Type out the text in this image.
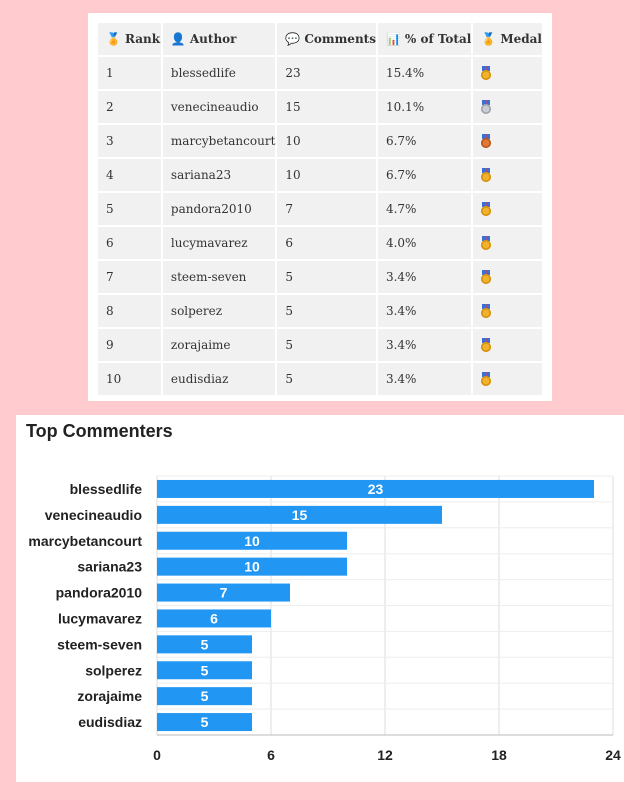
🏅 Rank	👤 Author	💬 Comments	📊 % of Total	🏅 Medal
1	blessedlife	23	15.4%	

2	venecineaudio	15	10.1%	

3	marcybetancourt	10	6.7%	

4	sariana23	10	6.7%	

5	pandora2010	7	4.7%	

6	lucymavarez	6	4.0%	

7	steem-seven	5	3.4%	

8	solperez	5	3.4%	

9	zorajaime	5	3.4%	

10	eudisdiaz	5	3.4%	
Top Commenters
blessedlife	23
venecineaudio	15
marcybetancourt	10
sariana23	10
pandora2010	7
lucymavarez	6
steem-seven	5
solperez	5
zorajaime	5
eudisdiaz	5
0	6	12	18	24
